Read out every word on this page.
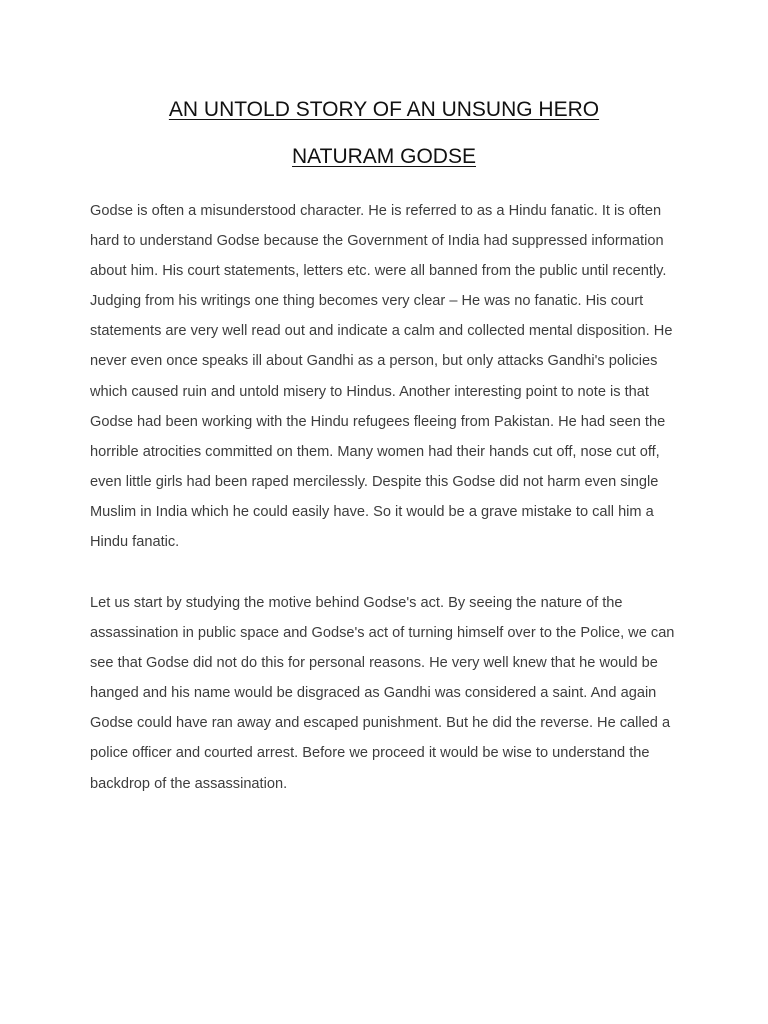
AN UNTOLD STORY OF AN UNSUNG HERO
NATURAM GODSE

Godse is often a misunderstood character. He is referred to as a Hindu fanatic. It is often hard to understand Godse because the Government of India had suppressed information about him. His court statements, letters etc. were all banned from the public until recently. Judging from his writings one thing becomes very clear – He was no fanatic. His court statements are very well read out and indicate a calm and collected mental disposition. He never even once speaks ill about Gandhi as a person, but only attacks Gandhi's policies which caused ruin and untold misery to Hindus. Another interesting point to note is that Godse had been working with the Hindu refugees fleeing from Pakistan. He had seen the horrible atrocities committed on them. Many women had their hands cut off, nose cut off, even little girls had been raped mercilessly. Despite this Godse did not harm even single Muslim in India which he could easily have. So it would be a grave mistake to call him a Hindu fanatic.

Let us start by studying the motive behind Godse's act. By seeing the nature of the assassination in public space and Godse's act of turning himself over to the Police, we can see that Godse did not do this for personal reasons. He very well knew that he would be hanged and his name would be disgraced as Gandhi was considered a saint. And again Godse could have ran away and escaped punishment. But he did the reverse. He called a police officer and courted arrest. Before we proceed it would be wise to understand the backdrop of the assassination.
